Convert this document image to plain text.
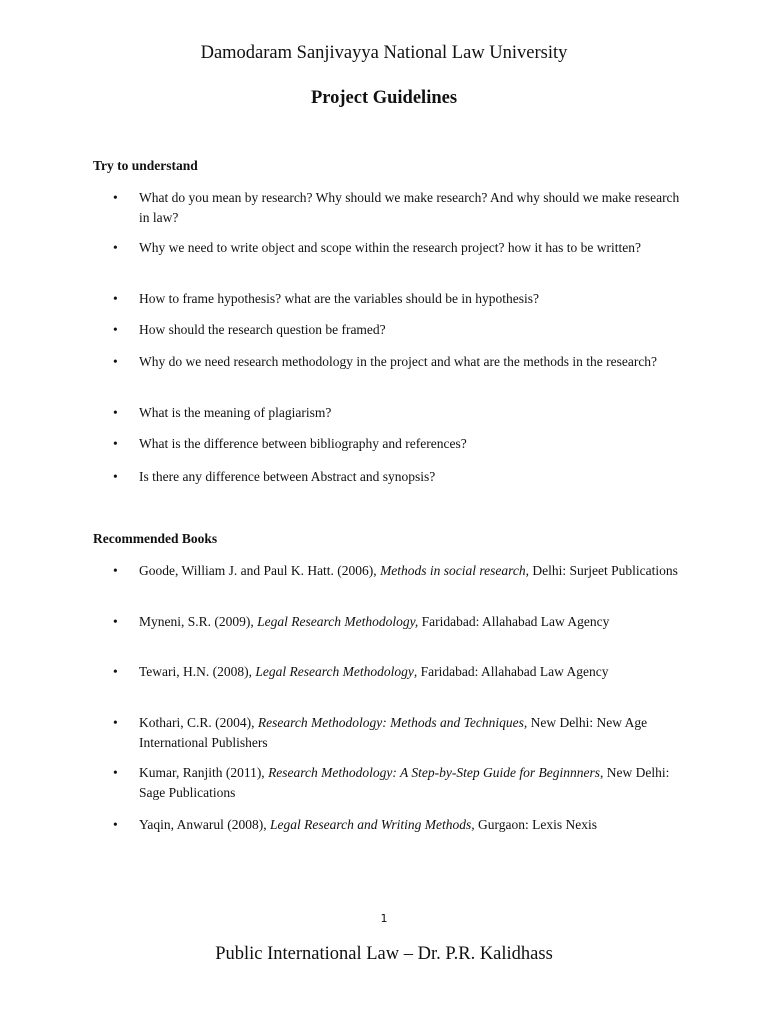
Damodaram Sanjivayya National Law University
Project Guidelines
Try to understand
• What do you mean by research? Why should we make research? And why should we make research in law?
• Why we need to write object and scope within the research project? how it has to be written?
• How to frame hypothesis? what are the variables should be in hypothesis?
• How should the research question be framed?
• Why do we need research methodology in the project and what are the methods in the research?
• What is the meaning of plagiarism?
• What is the difference between bibliography and references?
• Is there any difference between Abstract and synopsis?
Recommended Books
• Goode, William J. and Paul K. Hatt. (2006), Methods in social research, Delhi: Surjeet Publications
• Myneni, S.R. (2009), Legal Research Methodology, Faridabad: Allahabad Law Agency
• Tewari, H.N. (2008), Legal Research Methodology, Faridabad: Allahabad Law Agency
• Kothari, C.R. (2004), Research Methodology: Methods and Techniques, New Delhi: New Age International Publishers
• Kumar, Ranjith (2011), Research Methodology: A Step-by-Step Guide for Beginnners, New Delhi: Sage Publications
• Yaqin, Anwarul (2008), Legal Research and Writing Methods, Gurgaon: Lexis Nexis
1
Public International Law – Dr. P.R. Kalidhass
